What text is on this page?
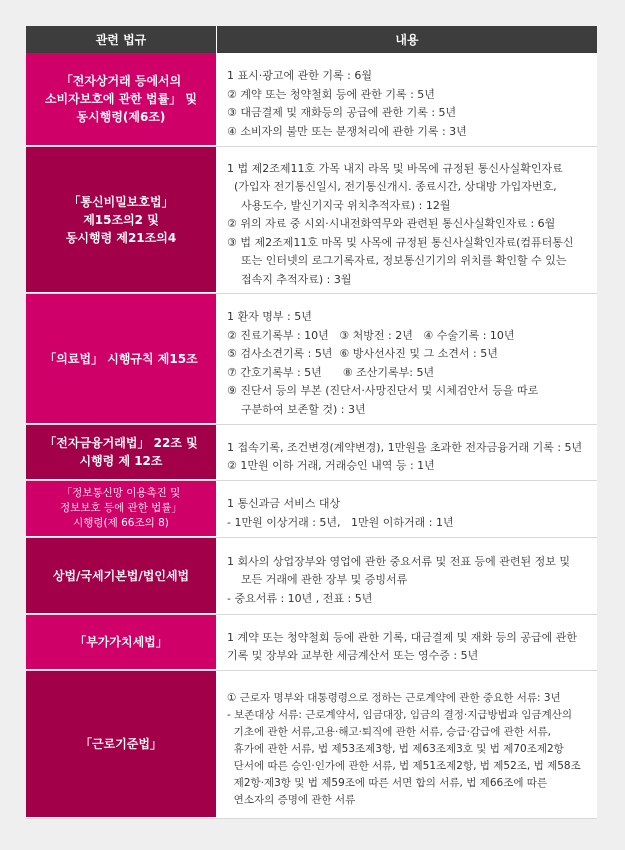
관련 법규	내용
「전자상거래 등에서의
소비자보호에 관한 법률」 및
동시행령(제6조)
1 표시·광고에 관한 기록 : 6월
② 계약 또는 청약철회 등에 관한 기록 : 5년
③ 대금결제 및 재화등의 공급에 관한 기록 : 5년
④ 소비자의 불만 또는 분쟁처리에 관한 기록 : 3년
「통신비밀보호법」
제15조의2 및
동시행령 제21조의4
1 법 제2조제11호 가목 내지 라목 및 바목에 규정된 통신사실확인자료
(가입자 전기통신일시, 전기통신개시. 종료시간, 상대방 가입자번호,
사용도수, 발신기지국 위치추적자료) : 12월
② 위의 자료 중 시외·시내전화역무와 관련된 통신사실확인자료 : 6월
③ 법 제2조제11호 마목 및 사목에 규정된 통신사실확인자료(컴퓨터통신
또는 인터넷의 로그기록자료, 정보통신기기의 위치를 확인할 수 있는
접속지 추적자료) : 3월
「의료법」 시행규칙 제15조
1 환자 명부 : 5년
② 진료기록부 : 10년   ③ 처방전 : 2년   ④ 수술기록 : 10년
⑤ 검사소견기록 : 5년  ⑥ 방사선사진 및 그 소견서 : 5년
⑦ 간호기록부 : 5년      ⑧ 조산기록부: 5년
⑨ 진단서 등의 부본 (진단서·사망진단서 및 시체검안서 등을 따로
구분하여 보존할 것) : 3년
「전자금융거래법」 22조 및
시행령 제 12조
1 접속기록, 조건변경(계약변경), 1만원을 초과한 전자금융거래 기록 : 5년
② 1만원 이하 거래, 거래승인 내역 등 : 1년
「정보통신망 이용촉진 및
정보보호 등에 관한 법률」
시행령(제 66조의 8)
1 통신과금 서비스 대상
- 1만원 이상거래 : 5년,   1만원 이하거래 : 1년
상법/국세기본법/법인세법
1 회사의 상업장부와 영업에 관한 중요서류 및 전표 등에 관련된 정보 및
모든 거래에 관한 장부 및 증빙서류
- 중요서류 : 10년 , 전표 : 5년
「부가가치세법」	1 계약 또는 청약철회 등에 관한 기록, 대금결제 및 재화 등의 공급에 관한
기록 및 장부와 교부한 세금계산서 또는 영수증 : 5년
「근로기준법」
① 근로자 명부와 대통령령으로 정하는 근로계약에 관한 중요한 서류: 3년
- 보존대상 서류: 근로계약서, 임금대장, 임금의 결정·지급방법과 임금계산의
기초에 관한 서류,고용·해고·퇴직에 관한 서류, 승급·감급에 관한 서류,
휴가에 관한 서류, 법 제53조제3항, 법 제63조제3호 및 법 제70조제2항
단서에 따른 승인·인가에 관한 서류, 법 제51조제2항, 법 제52조, 법 제58조
제2항·제3항 및 법 제59조에 따른 서면 합의 서류, 법 제66조에 따른
연소자의 증명에 관한 서류
